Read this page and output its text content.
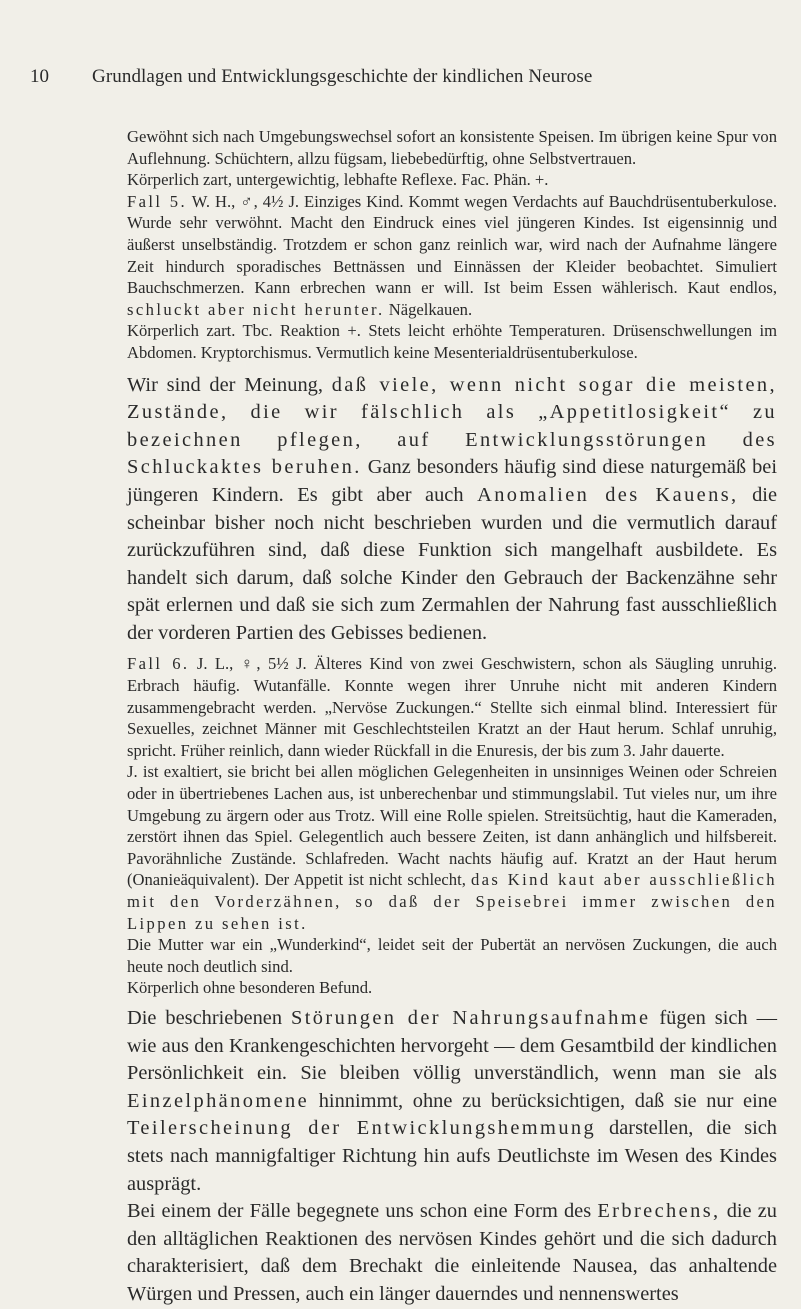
10 Grundlagen und Entwicklungsgeschichte der kindlichen Neurose

Gewöhnt sich nach Umgebungswechsel sofort an konsistente Speisen. Im übrigen keine Spur von Auflehnung. Schüchtern, allzu fügsam, liebebedürftig, ohne Selbstvertrauen.

Körperlich zart, untergewichtig, lebhafte Reflexe. Fac. Phän. +.

Fall 5. W. H., ♂, 4½ J. Einziges Kind. Kommt wegen Verdachts auf Bauchdrüsentuberkulose. Wurde sehr verwöhnt. Macht den Eindruck eines viel jüngeren Kindes. Ist eigensinnig und äußerst unselbständig. Trotzdem er schon ganz reinlich war, wird nach der Aufnahme längere Zeit hindurch sporadisches Bettnässen und Einnässen der Kleider beobachtet. Simuliert Bauchschmerzen. Kann erbrechen wann er will. Ist beim Essen wählerisch. Kaut endlos, schluckt aber nicht herunter. Nägelkauen.

Körperlich zart. Tbc. Reaktion +. Stets leicht erhöhte Temperaturen. Drüsenschwellungen im Abdomen. Kryptorchismus. Vermutlich keine Mesenterialdrüsentuberkulose.

Wir sind der Meinung, daß viele, wenn nicht sogar die meisten, Zustände, die wir fälschlich als „Appetitlosigkeit“ zu bezeichnen pflegen, auf Entwicklungsstörungen des Schluckaktes beruhen. Ganz besonders häufig sind diese naturgemäß bei jüngeren Kindern. Es gibt aber auch Anomalien des Kauens, die scheinbar bisher noch nicht beschrieben wurden und die vermutlich darauf zurückzuführen sind, daß diese Funktion sich mangelhaft ausbildete. Es handelt sich darum, daß solche Kinder den Gebrauch der Backenzähne sehr spät erlernen und daß sie sich zum Zermahlen der Nahrung fast ausschließlich der vorderen Partien des Gebisses bedienen.

Fall 6. J. L., ♀, 5½ J. Älteres Kind von zwei Geschwistern, schon als Säugling unruhig. Erbrach häufig. Wutanfälle. Konnte wegen ihrer Unruhe nicht mit anderen Kindern zusammengebracht werden. „Nervöse Zuckungen.“ Stellte sich einmal blind. Interessiert für Sexuelles, zeichnet Männer mit Geschlechtsteilen Kratzt an der Haut herum. Schlaf unruhig, spricht. Früher reinlich, dann wieder Rückfall in die Enuresis, der bis zum 3. Jahr dauerte.

J. ist exaltiert, sie bricht bei allen möglichen Gelegenheiten in unsinniges Weinen oder Schreien oder in übertriebenes Lachen aus, ist unberechenbar und stimmungslabil. Tut vieles nur, um ihre Umgebung zu ärgern oder aus Trotz. Will eine Rolle spielen. Streitsüchtig, haut die Kameraden, zerstört ihnen das Spiel. Gelegentlich auch bessere Zeiten, ist dann anhänglich und hilfsbereit. Pavorähnliche Zustände. Schlafreden. Wacht nachts häufig auf. Kratzt an der Haut herum (Onanieäquivalent). Der Appetit ist nicht schlecht, das Kind kaut aber ausschließlich mit den Vorderzähnen, so daß der Speisebrei immer zwischen den Lippen zu sehen ist.

Die Mutter war ein „Wunderkind“, leidet seit der Pubertät an nervösen Zuckungen, die auch heute noch deutlich sind.

Körperlich ohne besonderen Befund.

Die beschriebenen Störungen der Nahrungsaufnahme fügen sich — wie aus den Krankengeschichten hervorgeht — dem Gesamtbild der kindlichen Persönlichkeit ein. Sie bleiben völlig unverständlich, wenn man sie als Einzelphänomene hinnimmt, ohne zu berücksichtigen, daß sie nur eine Teilerscheinung der Entwicklungshemmung darstellen, die sich stets nach mannigfaltiger Richtung hin aufs Deutlichste im Wesen des Kindes ausprägt.

Bei einem der Fälle begegnete uns schon eine Form des Erbrechens, die zu den alltäglichen Reaktionen des nervösen Kindes gehört und die sich dadurch charakterisiert, daß dem Brechakt die einleitende Nausea, das anhaltende Würgen und Pressen, auch ein länger dauerndes und nennenswertes
